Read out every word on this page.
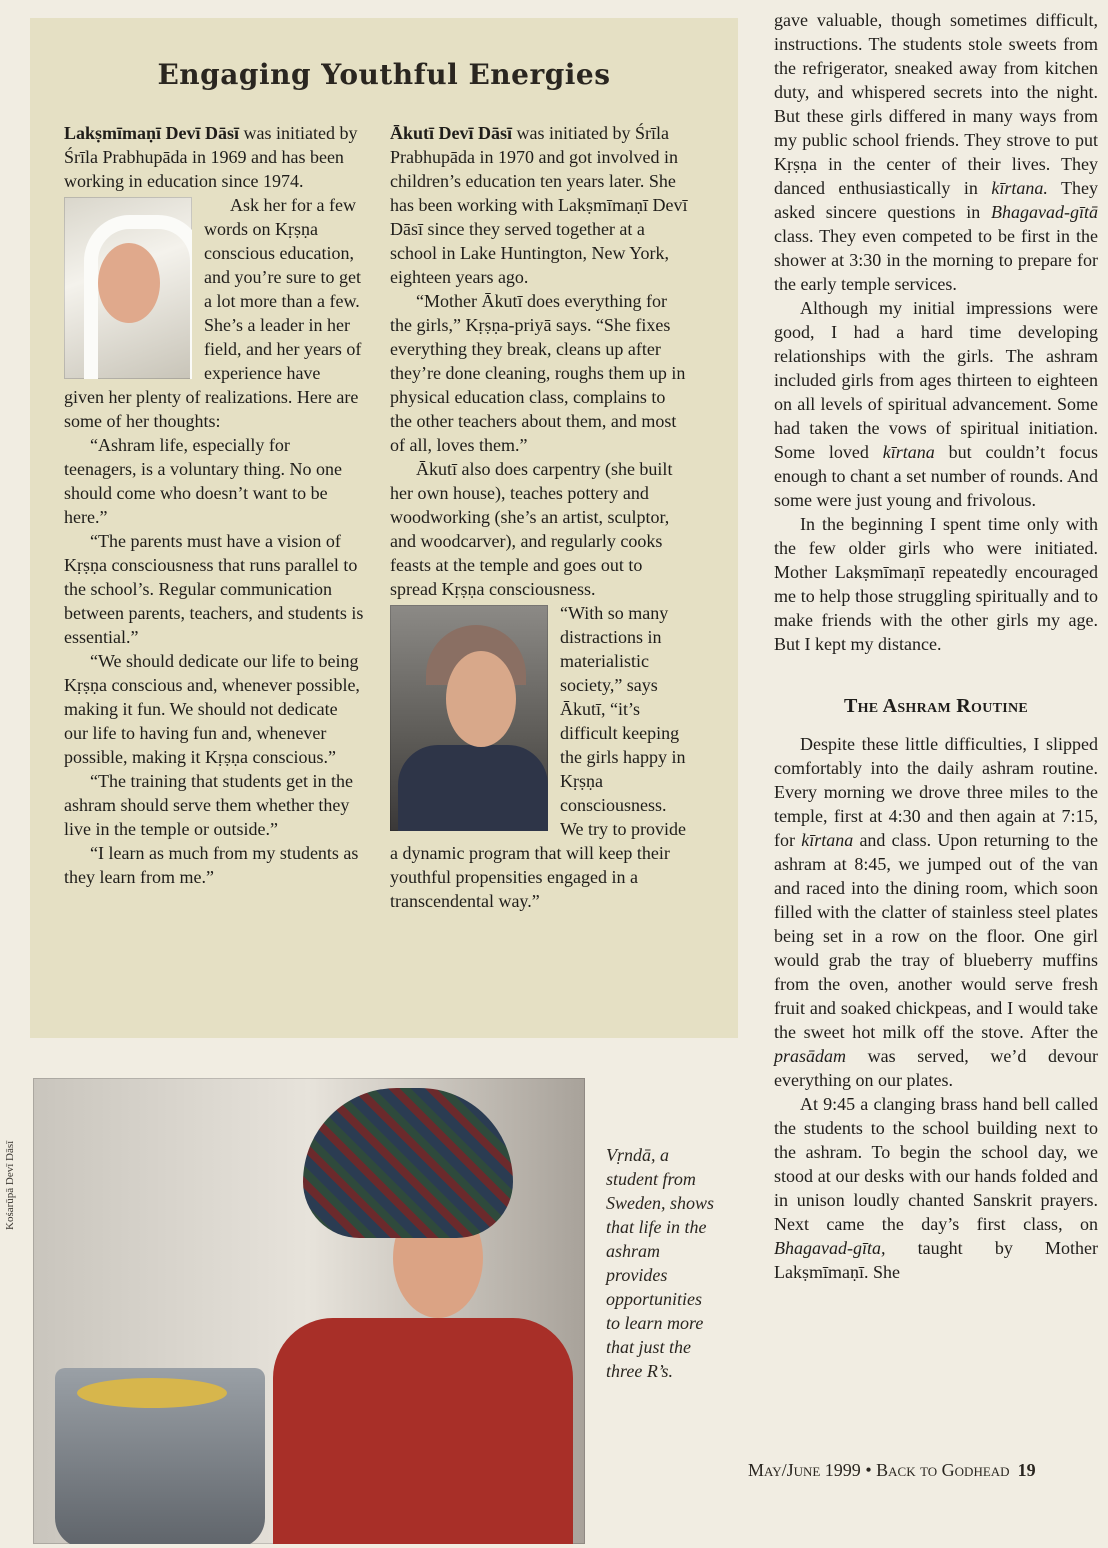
Engaging Youthful Energies

Lakṣmīmaṇī Devī Dāsī was initiated by Śrīla Prabhupāda in 1969 and has been working in education since 1974.

Ask her for a few words on Kṛṣṇa conscious education, and you’re sure to get a lot more than a few. She’s a leader in her field, and her years of experience have given her plenty of realizations. Here are some of her thoughts:

“Ashram life, especially for teenagers, is a voluntary thing. No one should come who doesn’t want to be here.”

“The parents must have a vision of Kṛṣṇa consciousness that runs parallel to the school’s. Regular communication between parents, teachers, and students is essential.”

“We should dedicate our life to being Kṛṣṇa conscious and, whenever possible, making it fun. We should not dedicate our life to having fun and, whenever possible, making it Kṛṣṇa conscious.”

“The training that students get in the ashram should serve them whether they live in the temple or outside.”

“I learn as much from my students as they learn from me.”

Ākutī Devī Dāsī was initiated by Śrīla Prabhupāda in 1970 and got involved in children’s education ten years later. She has been working with Lakṣmīmaṇī Devī Dāsī since they served together at a school in Lake Huntington, New York, eighteen years ago.

“Mother Ākutī does everything for the girls,” Kṛṣṇa-priyā says. “She fixes everything they break, cleans up after they’re done cleaning, roughs them up in physical education class, complains to the other teachers about them, and most of all, loves them.”

Ākutī also does carpentry (she built her own house), teaches pottery and woodworking (she’s an artist, sculptor, and woodcarver), and regularly cooks feasts at the temple and goes out to spread Kṛṣṇa consciousness.

“With so many distractions in materialistic society,” says Ākutī, “it’s difficult keeping the girls happy in Kṛṣṇa consciousness. We try to provide a dynamic program that will keep their youthful propensities engaged in a transcendental way.”

Kośarūpā Devī Dāsī	Vṛndā, a
student from
Sweden, shows
that life in the
ashram
provides
opportunities
to learn more
that just the
three R’s.

gave valuable, though sometimes difficult, instructions. The students stole sweets from the refrigerator, sneaked away from kitchen duty, and whispered secrets into the night. But these girls differed in many ways from my public school friends. They strove to put Kṛṣṇa in the center of their lives. They danced enthusiastically in kīrtana. They asked sincere questions in Bhagavad-gītā class. They even competed to be first in the shower at 3:30 in the morning to prepare for the early temple services.

Although my initial impressions were good, I had a hard time developing relationships with the girls. The ashram included girls from ages thirteen to eighteen on all levels of spiritual advancement. Some had taken the vows of spiritual initiation. Some loved kīrtana but couldn’t focus enough to chant a set number of rounds. And some were just young and frivolous.

In the beginning I spent time only with the few older girls who were initiated. Mother Lakṣmīmaṇī repeatedly encouraged me to help those struggling spiritually and to make friends with the other girls my age. But I kept my distance.

The Ashram Routine

Despite these little difficulties, I slipped comfortably into the daily ashram routine. Every morning we drove three miles to the temple, first at 4:30 and then again at 7:15, for kīrtana and class. Upon returning to the ashram at 8:45, we jumped out of the van and raced into the dining room, which soon filled with the clatter of stainless steel plates being set in a row on the floor. One girl would grab the tray of blueberry muffins from the oven, another would serve fresh fruit and soaked chickpeas, and I would take the sweet hot milk off the stove. After the prasādam was served, we’d devour everything on our plates.

At 9:45 a clanging brass hand bell called the students to the school building next to the ashram. To begin the school day, we stood at our desks with our hands folded and in unison loudly chanted Sanskrit prayers. Next came the day’s first class, on Bhagavad-gīta, taught by Mother Lakṣmīmaṇī. She

May/June 1999 • Back to Godhead 19
